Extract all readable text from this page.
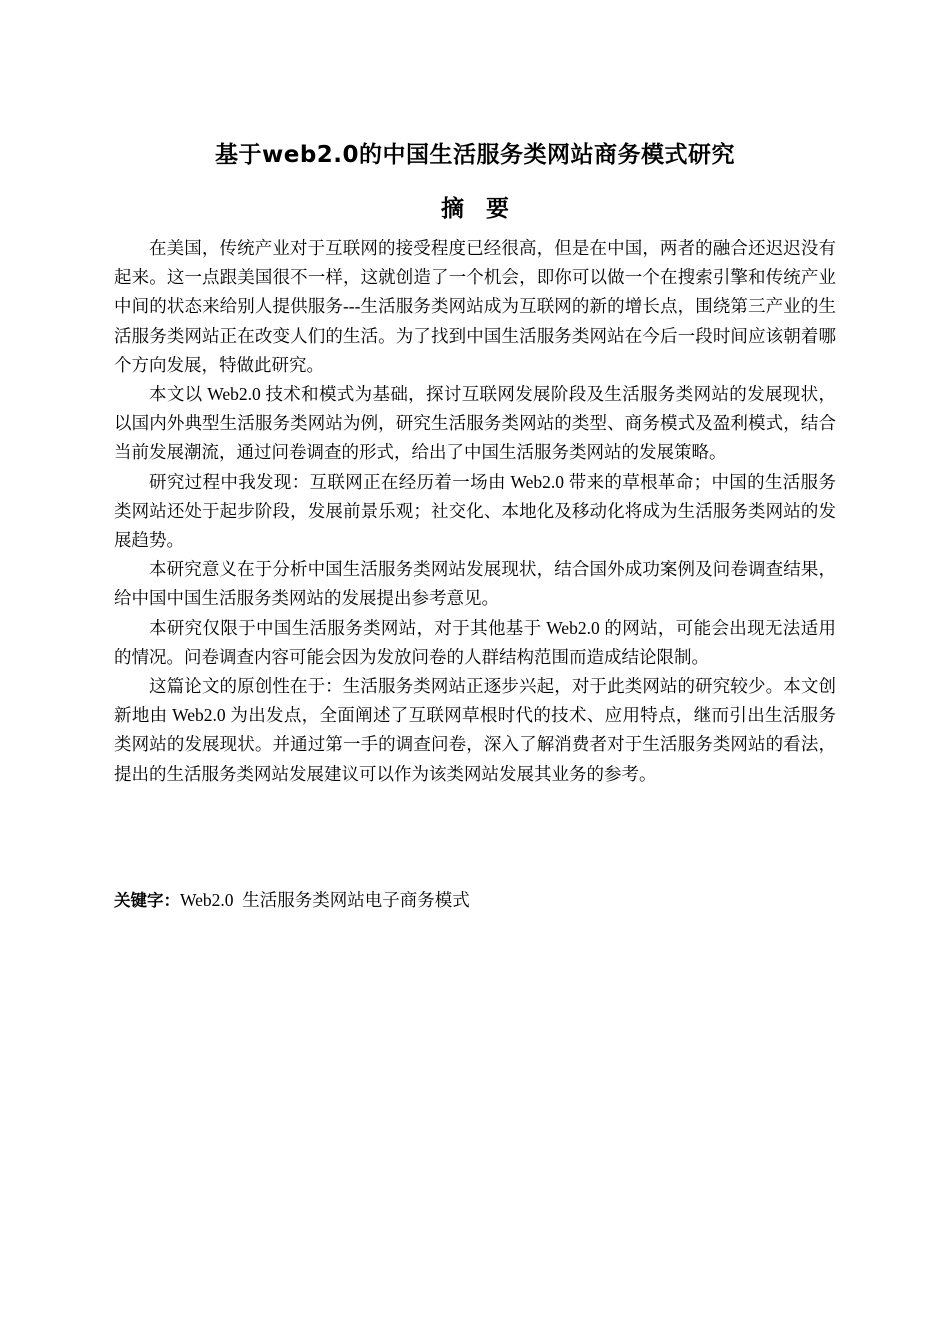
基于web2.0的中国生活服务类网站商务模式研究
摘要

在美国，传统产业对于互联网的接受程度已经很高，但是在中国，两者的融合还迟迟没有起来。这一点跟美国很不一样，这就创造了一个机会，即你可以做一个在搜索引擎和传统产业中间的状态来给别人提供服务---生活服务类网站成为互联网的新的增长点，围绕第三产业的生活服务类网站正在改变人们的生活。为了找到中国生活服务类网站在今后一段时间应该朝着哪个方向发展，特做此研究。

本文以 Web2.0 技术和模式为基础，探讨互联网发展阶段及生活服务类网站的发展现状，以国内外典型生活服务类网站为例，研究生活服务类网站的类型、商务模式及盈利模式，结合当前发展潮流，通过问卷调查的形式，给出了中国生活服务类网站的发展策略。

研究过程中我发现：互联网正在经历着一场由 Web2.0 带来的草根革命；中国的生活服务类网站还处于起步阶段，发展前景乐观；社交化、本地化及移动化将成为生活服务类网站的发展趋势。

本研究意义在于分析中国生活服务类网站发展现状，结合国外成功案例及问卷调查结果，给中国中国生活服务类网站的发展提出参考意见。

本研究仅限于中国生活服务类网站，对于其他基于 Web2.0 的网站，可能会出现无法适用的情况。问卷调查内容可能会因为发放问卷的人群结构范围而造成结论限制。

这篇论文的原创性在于：生活服务类网站正逐步兴起，对于此类网站的研究较少。本文创新地由 Web2.0 为出发点，全面阐述了互联网草根时代的技术、应用特点，继而引出生活服务类网站的发展现状。并通过第一手的调查问卷，深入了解消费者对于生活服务类网站的看法，提出的生活服务类网站发展建议可以作为该类网站发展其业务的参考。

关键字：Web2.0  生活服务类网站电子商务模式
